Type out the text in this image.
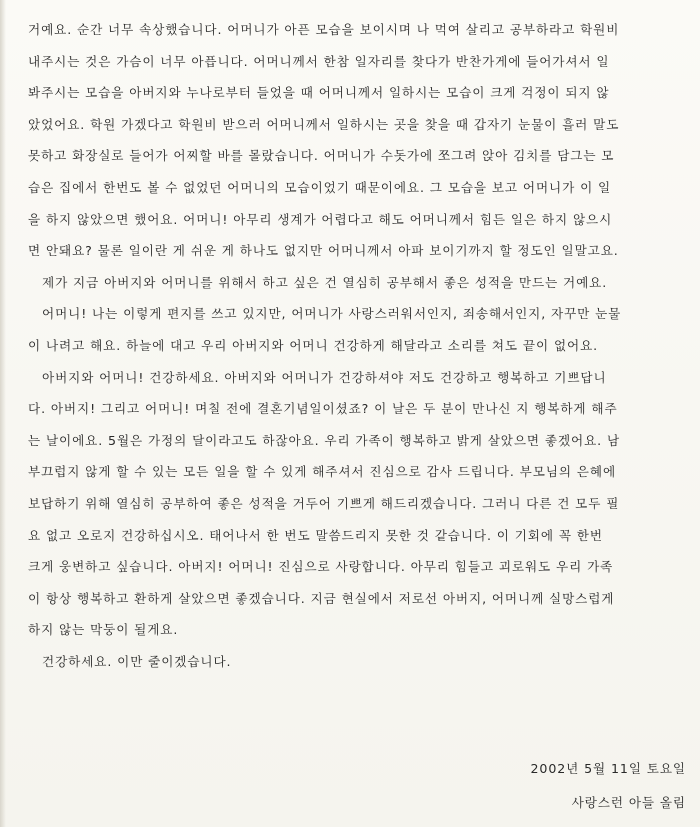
거예요. 순간 너무 속상했습니다. 어머니가 아픈 모습을 보이시며 나 먹여 살리고 공부하라고 학원비
내주시는 것은 가슴이 너무 아픕니다. 어머니께서 한참 일자리를 찾다가 반찬가게에 들어가셔서 일
봐주시는 모습을 아버지와 누나로부터 들었을 때 어머니께서 일하시는 모습이 크게 걱정이 되지 않
았었어요. 학원 가겠다고 학원비 받으러 어머니께서 일하시는 곳을 찾을 때 갑자기 눈물이 흘러 말도
못하고 화장실로 들어가 어찌할 바를 몰랐습니다. 어머니가 수돗가에 쪼그려 앉아 김치를 담그는 모
습은 집에서 한번도 볼 수 없었던 어머니의 모습이었기 때문이에요. 그 모습을 보고 어머니가 이 일
을 하지 않았으면 했어요. 어머니! 아무리 생계가 어렵다고 해도 어머니께서 힘든 일은 하지 않으시
면 안돼요? 물론 일이란 게 쉬운 게 하나도 없지만 어머니께서 아파 보이기까지 할 정도인 일말고요.
제가 지금 아버지와 어머니를 위해서 하고 싶은 건 열심히 공부해서 좋은 성적을 만드는 거예요.
어머니! 나는 이렇게 편지를 쓰고 있지만, 어머니가 사랑스러워서인지, 죄송해서인지, 자꾸만 눈물
이 나려고 해요. 하늘에 대고 우리 아버지와 어머니 건강하게 해달라고 소리를 쳐도 끝이 없어요.
아버지와 어머니! 건강하세요. 아버지와 어머니가 건강하셔야 저도 건강하고 행복하고 기쁘답니
다. 아버지! 그리고 어머니! 며칠 전에 결혼기념일이셨죠? 이 날은 두 분이 만나신 지 행복하게 해주
는 날이에요. 5월은 가정의 달이라고도 하잖아요. 우리 가족이 행복하고 밝게 살았으면 좋겠어요. 남
부끄럽지 않게 할 수 있는 모든 일을 할 수 있게 해주셔서 진심으로 감사 드립니다. 부모님의 은혜에
보답하기 위해 열심히 공부하여 좋은 성적을 거두어 기쁘게 해드리겠습니다. 그러니 다른 건 모두 필
요 없고 오로지 건강하십시오. 태어나서 한 번도 말씀드리지 못한 것 같습니다. 이 기회에 꼭 한번
크게 웅변하고 싶습니다. 아버지! 어머니! 진심으로 사랑합니다. 아무리 힘들고 괴로워도 우리 가족
이 항상 행복하고 환하게 살았으면 좋겠습니다. 지금 현실에서 저로선 아버지, 어머니께 실망스럽게
하지 않는 막둥이 될게요.
건강하세요. 이만 줄이겠습니다.
2002년 5월 11일 토요일
사랑스런 아들 올림
